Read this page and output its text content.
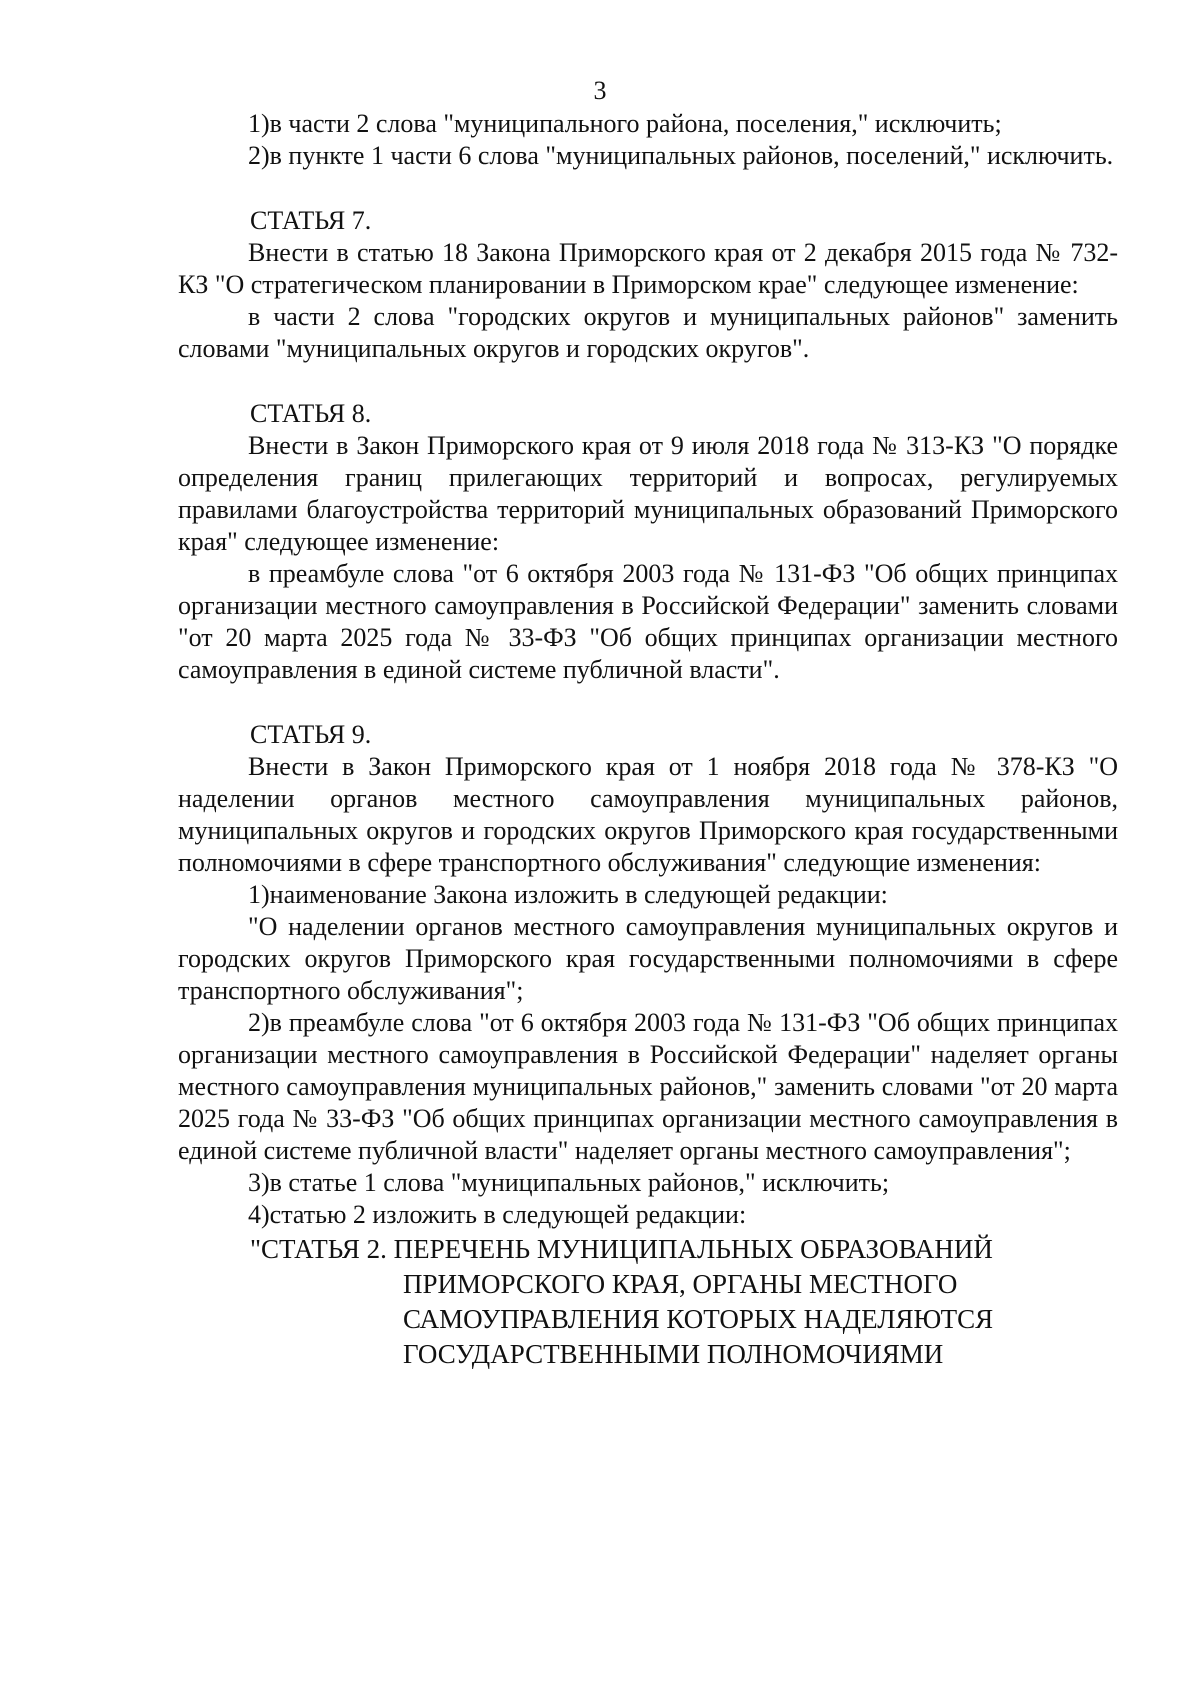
3

1)в части 2 слова "муниципального района, поселения," исключить;

2)в пункте 1 части 6 слова "муниципальных районов, поселений," исключить.

СТАТЬЯ 7.

Внести в статью 18 Закона Приморского края от 2 декабря 2015 года № 732-КЗ "О стратегическом планировании в Приморском крае" следующее изменение:

в части 2 слова "городских округов и муниципальных районов" заменить словами "муниципальных округов и городских округов".

СТАТЬЯ 8.

Внести в Закон Приморского края от 9 июля 2018 года № 313-КЗ "О порядке определения границ прилегающих территорий и вопросах, регулируемых правилами благоустройства территорий муниципальных образований Приморского края" следующее изменение:

в преамбуле слова "от 6 октября 2003 года № 131-ФЗ "Об общих принципах организации местного самоуправления в Российской Федерации" заменить словами "от 20 марта 2025 года № 33-ФЗ "Об общих принципах организации местного самоуправления в единой системе публичной власти".

СТАТЬЯ 9.

Внести в Закон Приморского края от 1 ноября 2018 года № 378-КЗ "О наделении органов местного самоуправления муниципальных районов, муниципальных округов и городских округов Приморского края государственными полномочиями в сфере транспортного обслуживания" следующие изменения:

1)наименование Закона изложить в следующей редакции:

"О наделении органов местного самоуправления муниципальных округов и городских округов Приморского края государственными полномочиями в сфере транспортного обслуживания";

2)в преамбуле слова "от 6 октября 2003 года № 131-ФЗ "Об общих принципах организации местного самоуправления в Российской Федерации" наделяет органы местного самоуправления муниципальных районов," заменить словами "от 20 марта 2025 года № 33-ФЗ "Об общих принципах организации местного самоуправления в единой системе публичной власти" наделяет органы местного самоуправления";

3)в статье 1 слова "муниципальных районов," исключить;

4)статью 2 изложить в следующей редакции:

"СТАТЬЯ 2. ПЕРЕЧЕНЬ МУНИЦИПАЛЬНЫХ ОБРАЗОВАНИЙ
ПРИМОРСКОГО КРАЯ, ОРГАНЫ МЕСТНОГО
САМОУПРАВЛЕНИЯ КОТОРЫХ НАДЕЛЯЮТСЯ
ГОСУДАРСТВЕННЫМИ ПОЛНОМОЧИЯМИ
